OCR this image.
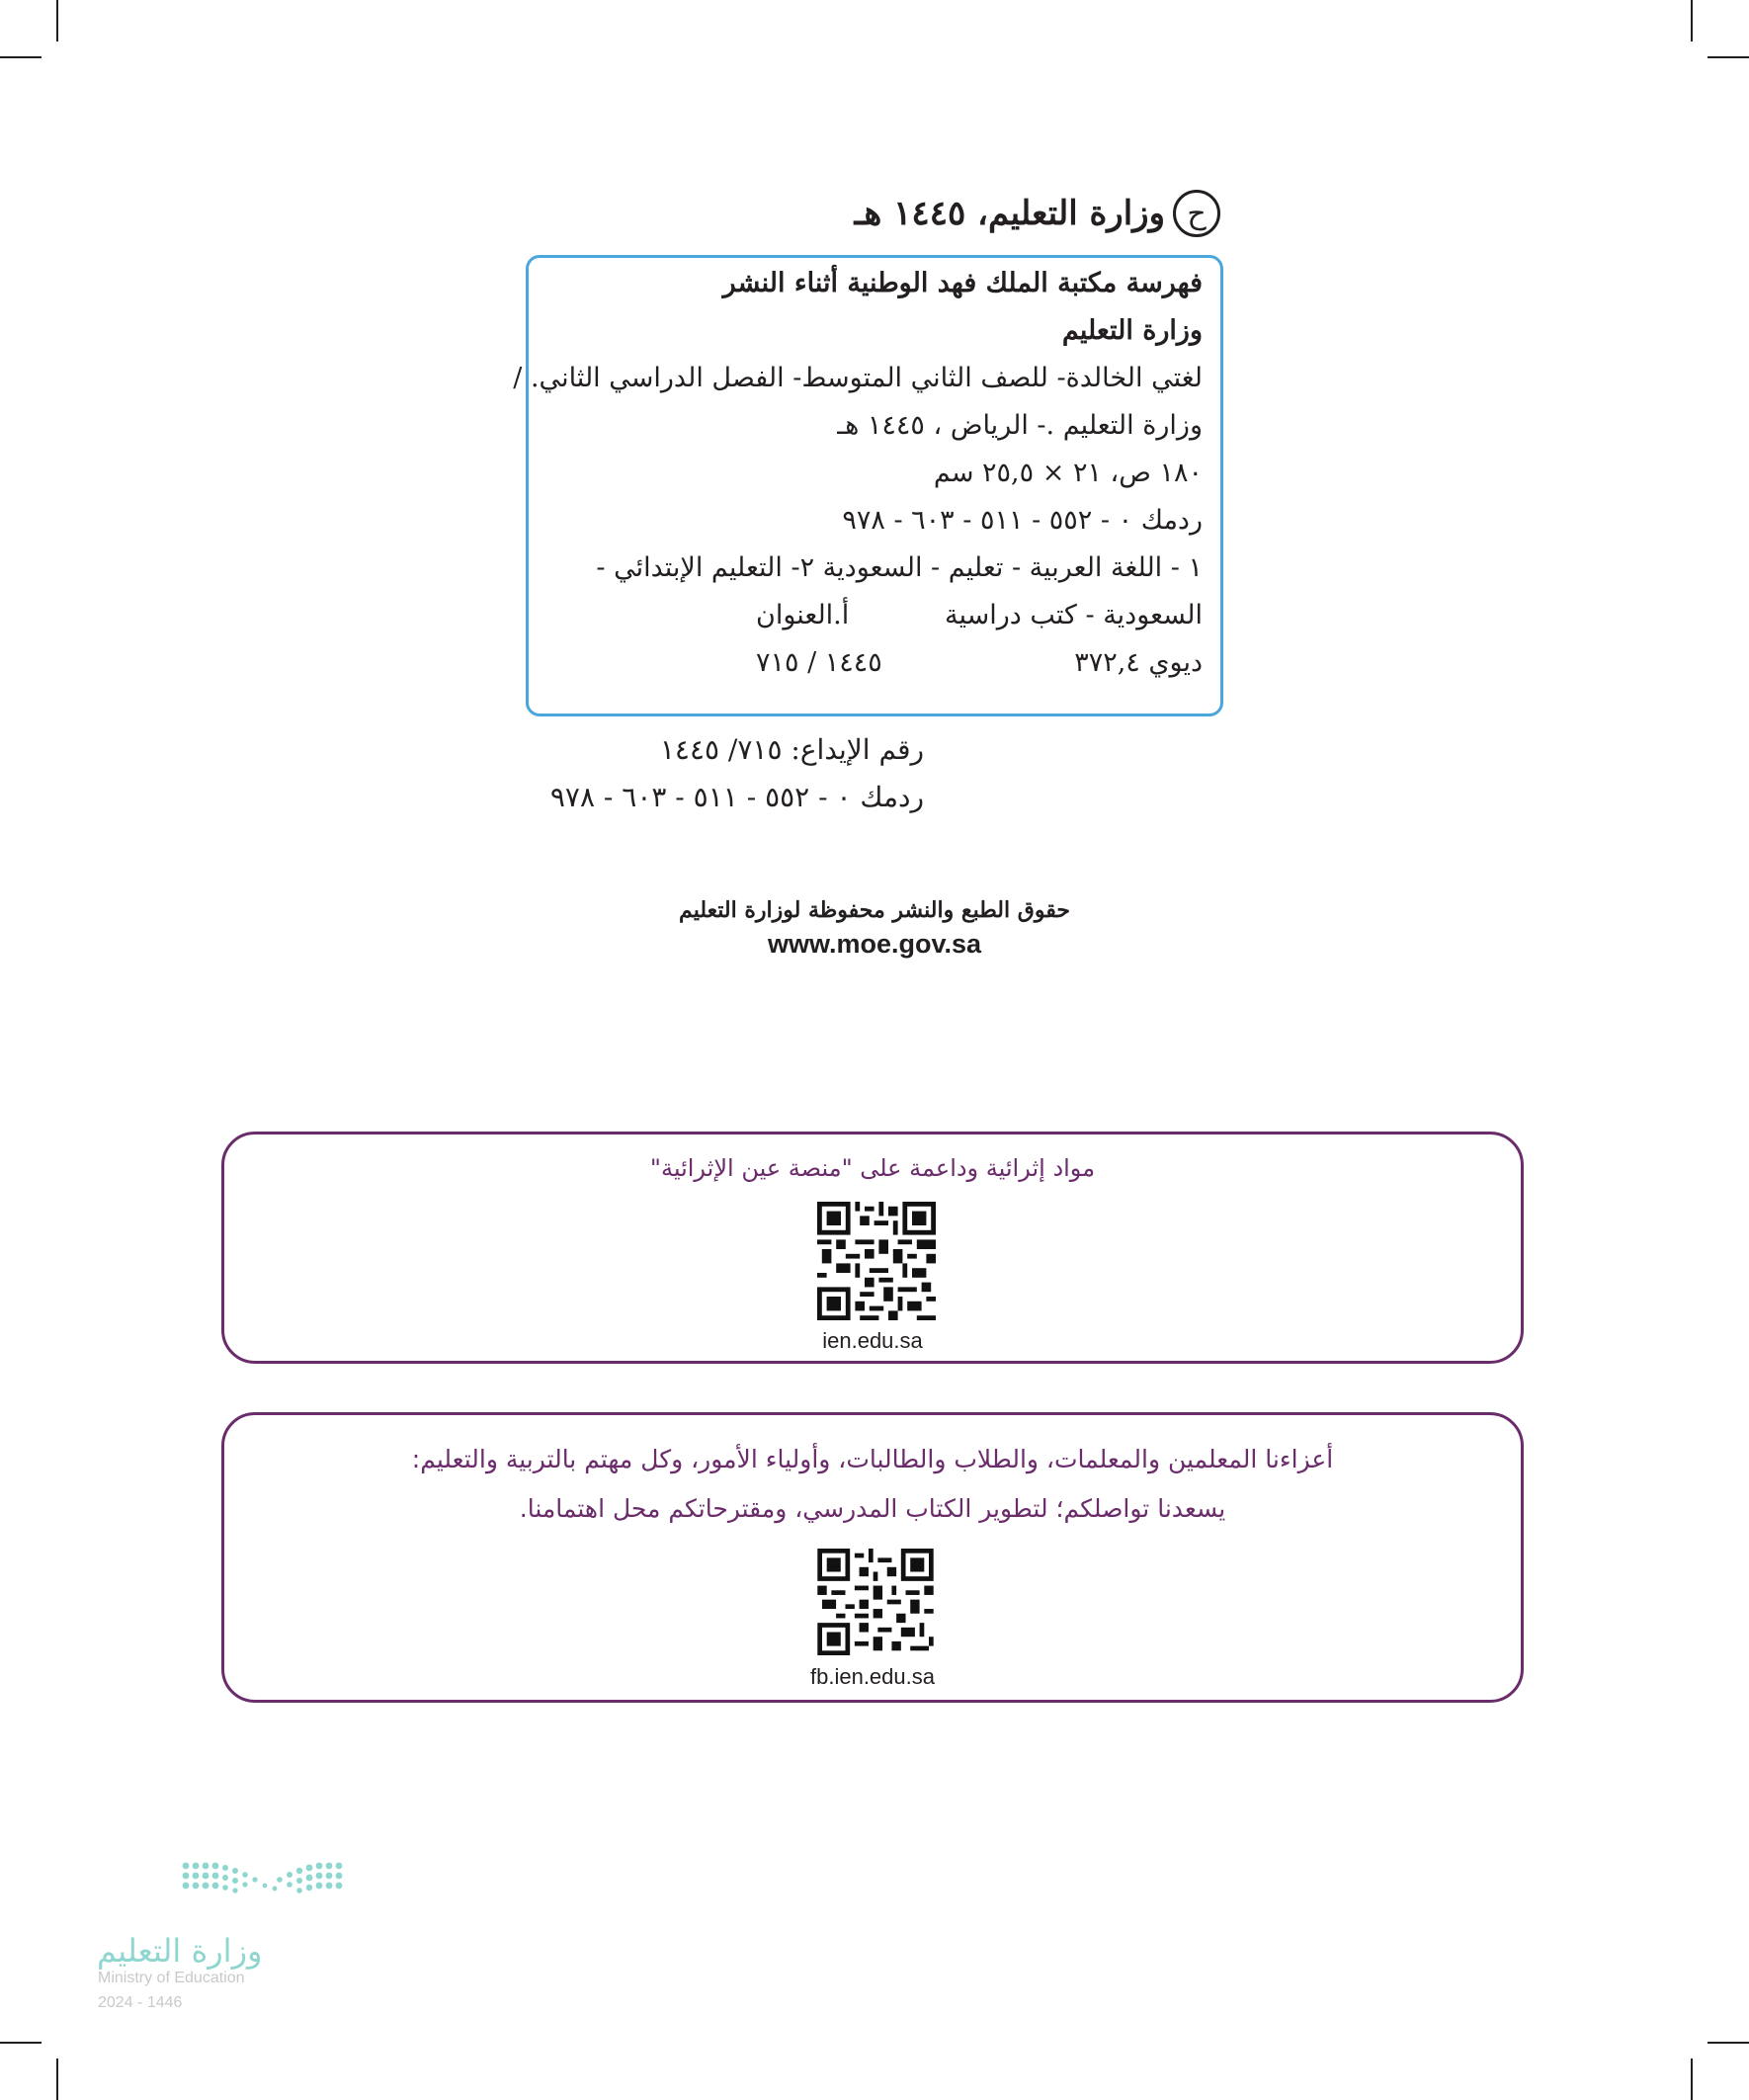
ح
وزارة التعليم، ١٤٤٥ هـ
فهرسة مكتبة الملك فهد الوطنية أثناء النشر
وزارة التعليم
لغتي الخالدة- للصف الثاني المتوسط- الفصل الدراسي الثاني. /
وزارة التعليم .- الرياض ، ١٤٤٥ هـ
١٨٠ ص، ٢١ × ٢٥,٥ سم
ردمك ٠ - ٥٥٢ - ٥١١ - ٦٠٣ - ٩٧٨
١ - اللغة العربية - تعليم - السعودية ٢- التعليم الإبتدائي -
السعودية - كتب دراسية
أ.العنوان
ديوي ٣٧٢,٤
١٤٤٥ / ٧١٥
رقم الإيداع: ٧١٥/ ١٤٤٥
ردمك ٠ - ٥٥٢ - ٥١١ - ٦٠٣ - ٩٧٨
حقوق الطبع والنشر محفوظة لوزارة التعليم
www.moe.gov.sa
مواد إثرائية وداعمة على "منصة عين الإثرائية"
ien.edu.sa
أعزاءنا المعلمين والمعلمات، والطلاب والطالبات، وأولياء الأمور، وكل مهتم بالتربية والتعليم:
يسعدنا تواصلكم؛ لتطوير الكتاب المدرسي، ومقترحاتكم محل اهتمامنا.
fb.ien.edu.sa
وزارة التعليم
Ministry of Education
2024 - 1446
